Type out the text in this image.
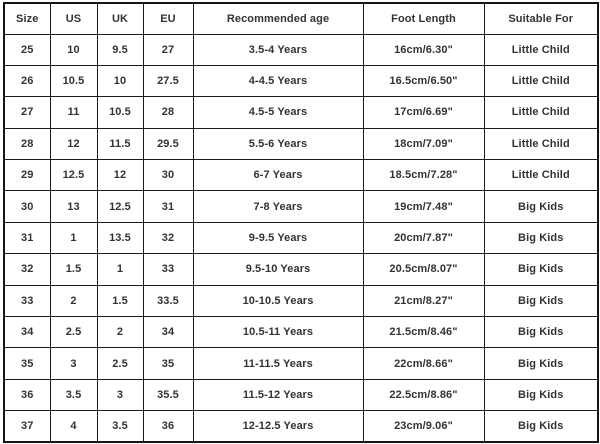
Size	US	UK	EU	Recommended age	Foot Length	Suitable For
25	10	9.5	27	3.5-4 Years	16cm/6.30"	Little Child
26	10.5	10	27.5	4-4.5 Years	16.5cm/6.50"	Little Child
27	11	10.5	28	4.5-5 Years	17cm/6.69"	Little Child
28	12	11.5	29.5	5.5-6 Years	18cm/7.09"	Little Child
29	12.5	12	30	6-7 Years	18.5cm/7.28"	Little Child
30	13	12.5	31	7-8 Years	19cm/7.48"	Big Kids
31	1	13.5	32	9-9.5 Years	20cm/7.87"	Big Kids
32	1.5	1	33	9.5-10 Years	20.5cm/8.07"	Big Kids
33	2	1.5	33.5	10-10.5 Years	21cm/8.27"	Big Kids
34	2.5	2	34	10.5-11 Years	21.5cm/8.46"	Big Kids
35	3	2.5	35	11-11.5 Years	22cm/8.66"	Big Kids
36	3.5	3	35.5	11.5-12 Years	22.5cm/8.86"	Big Kids
37	4	3.5	36	12-12.5 Years	23cm/9.06"	Big Kids
